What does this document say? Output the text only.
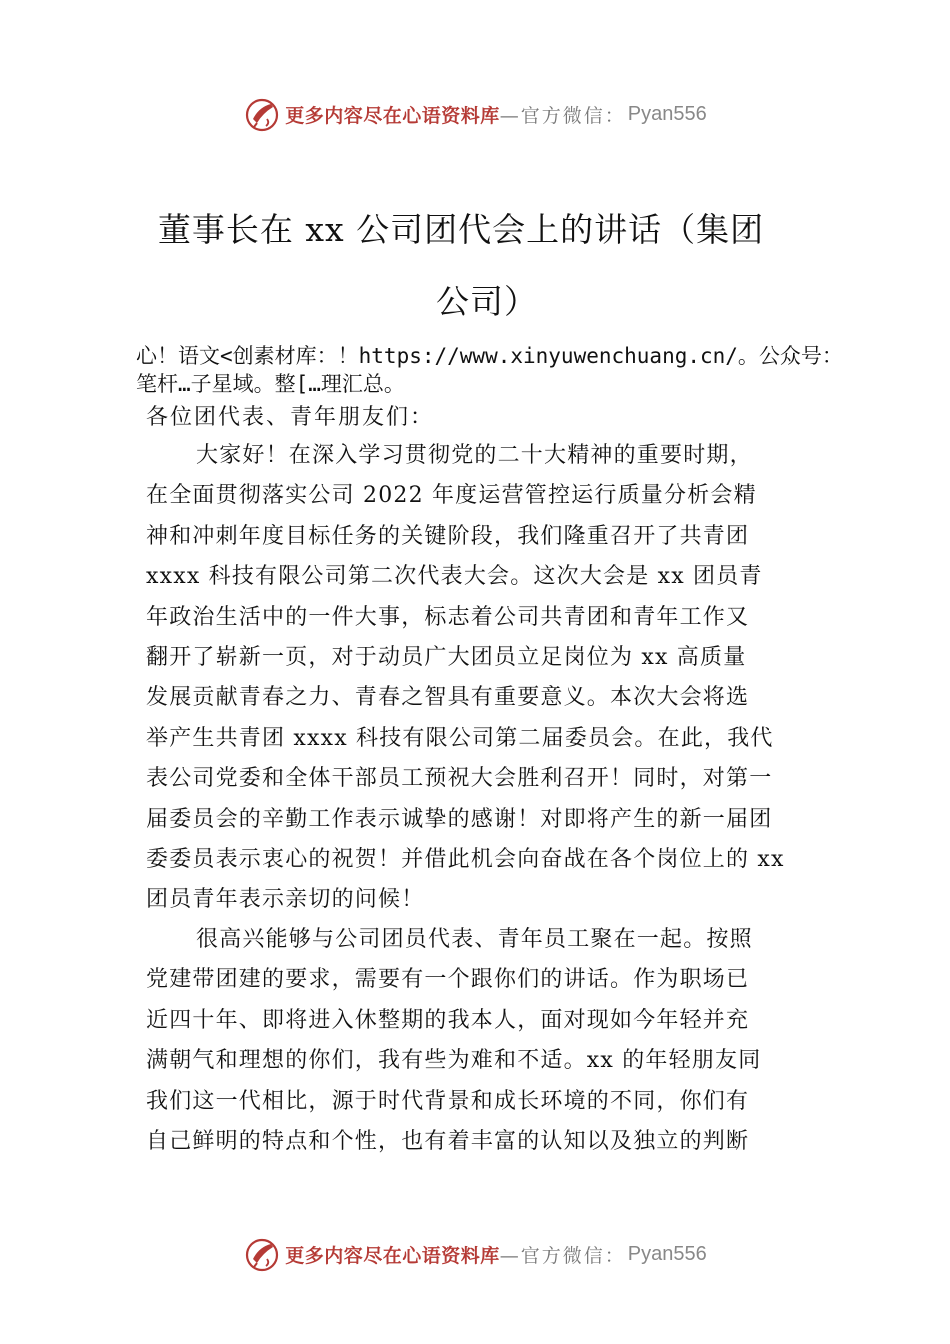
更多内容尽在心语资料库 —官方微信： Pyan556
董事长在 xx 公司团代会上的讲话（集团
公司）
心！语文<创素材库：！https://www.xinyuwenchuang.cn/。公众号：笔杆…子星域。整[…理汇总。
各位团代表、青年朋友们：
大家好！在深入学习贯彻党的二十大精神的重要时期，
在全面贯彻落实公司 2022 年度运营管控运行质量分析会精
神和冲刺年度目标任务的关键阶段，我们隆重召开了共青团
xxxx 科技有限公司第二次代表大会。这次大会是 xx 团员青
年政治生活中的一件大事，标志着公司共青团和青年工作又
翻开了崭新一页，对于动员广大团员立足岗位为 xx 高质量
发展贡献青春之力、青春之智具有重要意义。本次大会将选
举产生共青团 xxxx 科技有限公司第二届委员会。在此，我代
表公司党委和全体干部员工预祝大会胜利召开！同时，对第一
届委员会的辛勤工作表示诚挚的感谢！对即将产生的新一届团
委委员表示衷心的祝贺！并借此机会向奋战在各个岗位上的 xx
团员青年表示亲切的问候！
很高兴能够与公司团员代表、青年员工聚在一起。按照
党建带团建的要求，需要有一个跟你们的讲话。作为职场已
近四十年、即将进入休整期的我本人，面对现如今年轻并充
满朝气和理想的你们，我有些为难和不适。xx 的年轻朋友同
我们这一代相比，源于时代背景和成长环境的不同，你们有
自己鲜明的特点和个性，也有着丰富的认知以及独立的判断
更多内容尽在心语资料库 —官方微信： Pyan556
